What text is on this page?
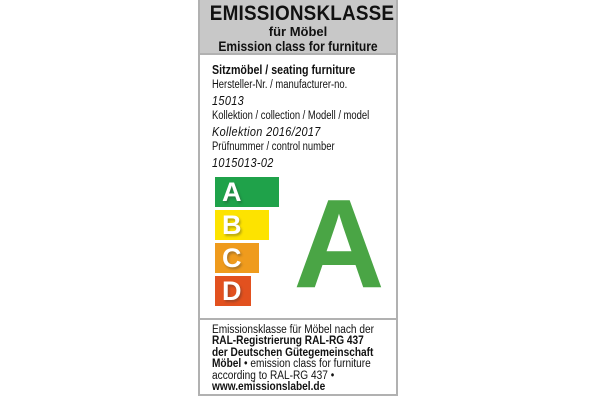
EMISSIONSKLASSE
für Möbel
Emission class for furniture
Sitzmöbel / seating furniture
Hersteller-Nr. / manufacturer-no.
15013
Kollektion / collection / Modell / model
Kollektion 2016/2017
Prüfnummer / control number
1015013-02
A
B
C
D A
Emissionsklasse für Möbel nach der
RAL-Registrierung RAL-RG 437
der Deutschen Gütegemeinschaft
Möbel • emission class for furniture
according to RAL-RG 437 •
www.emissionslabel.de
